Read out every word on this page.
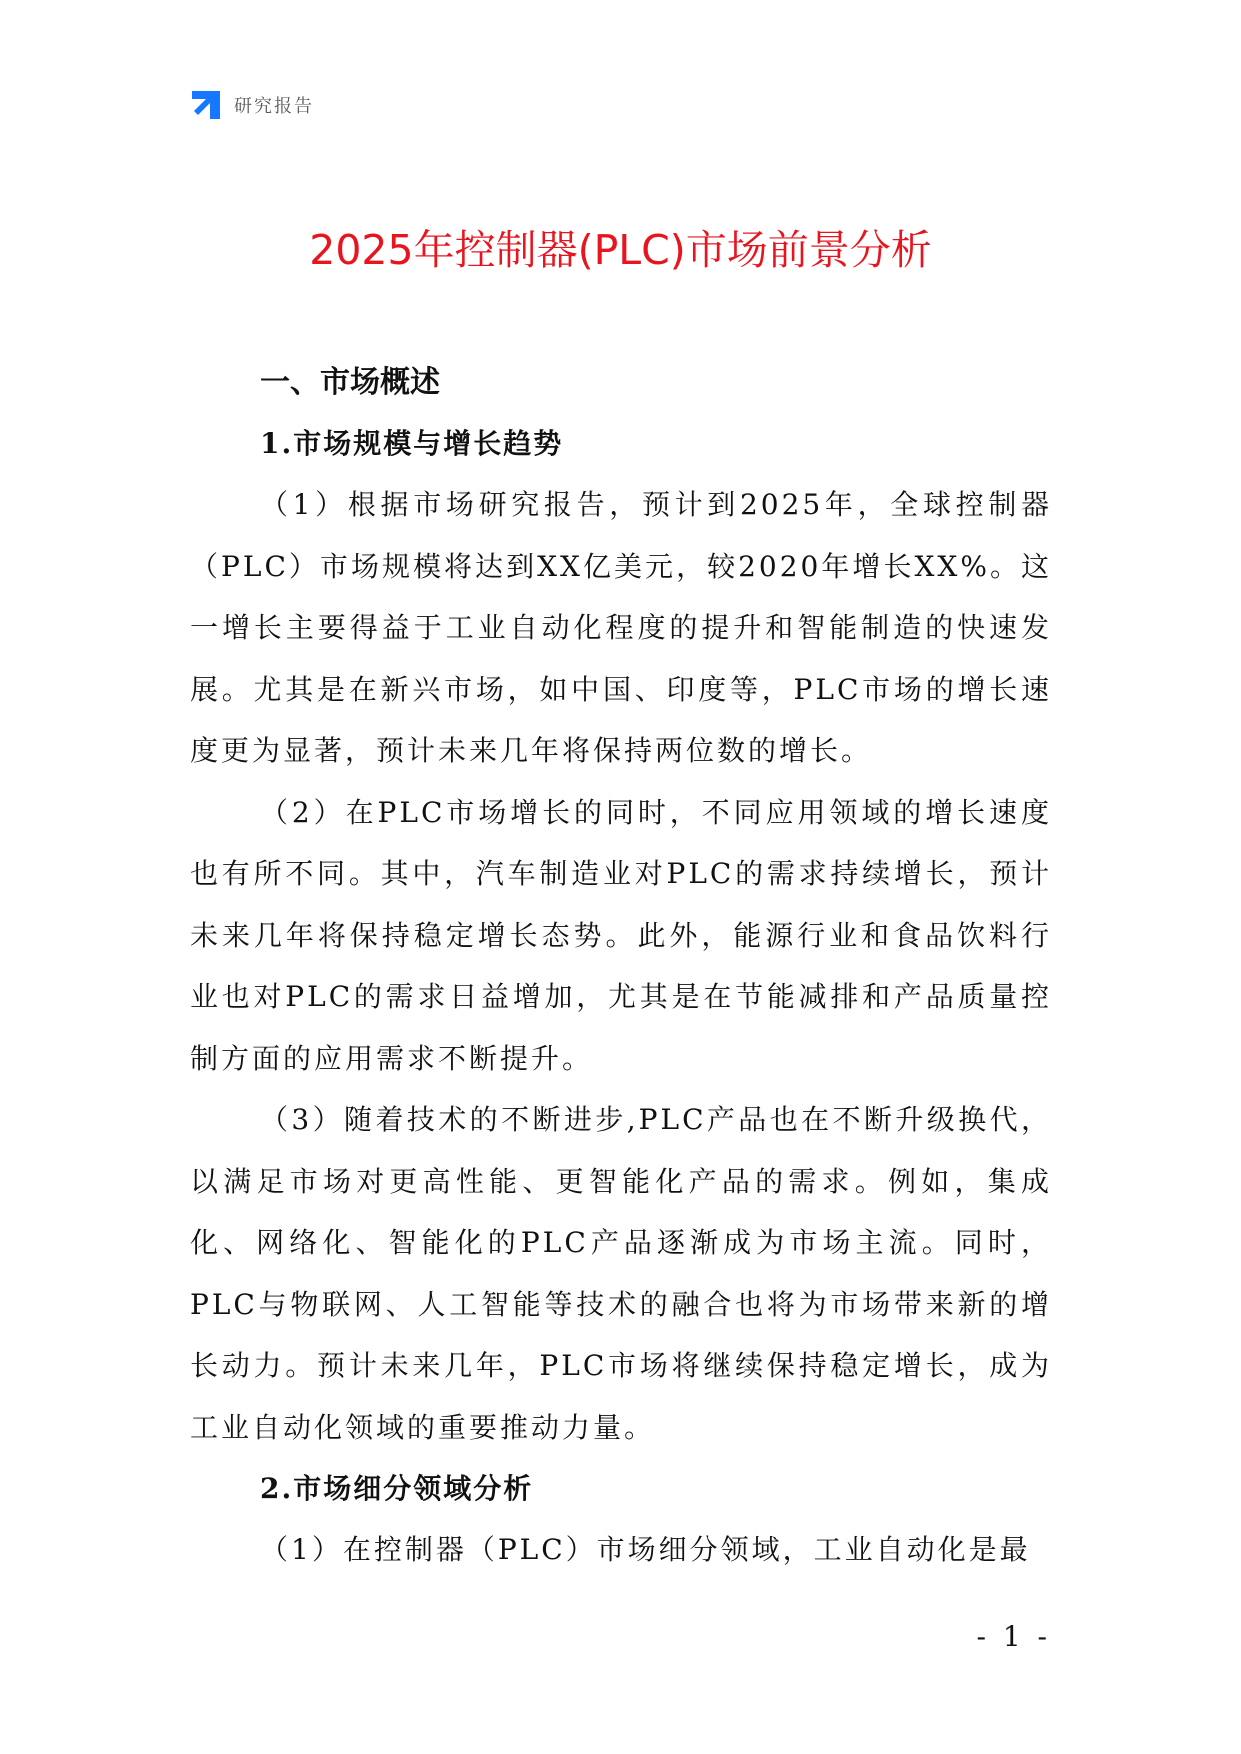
研究报告
2025年控制器(PLC)市场前景分析
一、市场概述
1.市场规模与增长趋势

（1）根据市场研究报告，预计到2025年，全球控制器（PLC）市场规模将达到XX亿美元，较2020年增长XX%。这一增长主要得益于工业自动化程度的提升和智能制造的快速发展。尤其是在新兴市场，如中国、印度等，PLC市场的增长速度更为显著，预计未来几年将保持两位数的增长。

（2）在PLC市场增长的同时，不同应用领域的增长速度也有所不同。其中，汽车制造业对PLC的需求持续增长，预计未来几年将保持稳定增长态势。此外，能源行业和食品饮料行业也对PLC的需求日益增加，尤其是在节能减排和产品质量控制方面的应用需求不断提升。

（3）随着技术的不断进步,PLC产品也在不断升级换代，以满足市场对更高性能、更智能化产品的需求。例如，集成化、网络化、智能化的PLC产品逐渐成为市场主流。同时，PLC与物联网、人工智能等技术的融合也将为市场带来新的增长动力。预计未来几年，PLC市场将继续保持稳定增长，成为工业自动化领域的重要推动力量。

2.市场细分领域分析

（1）在控制器（PLC）市场细分领域，工业自动化是最

- 1 -
